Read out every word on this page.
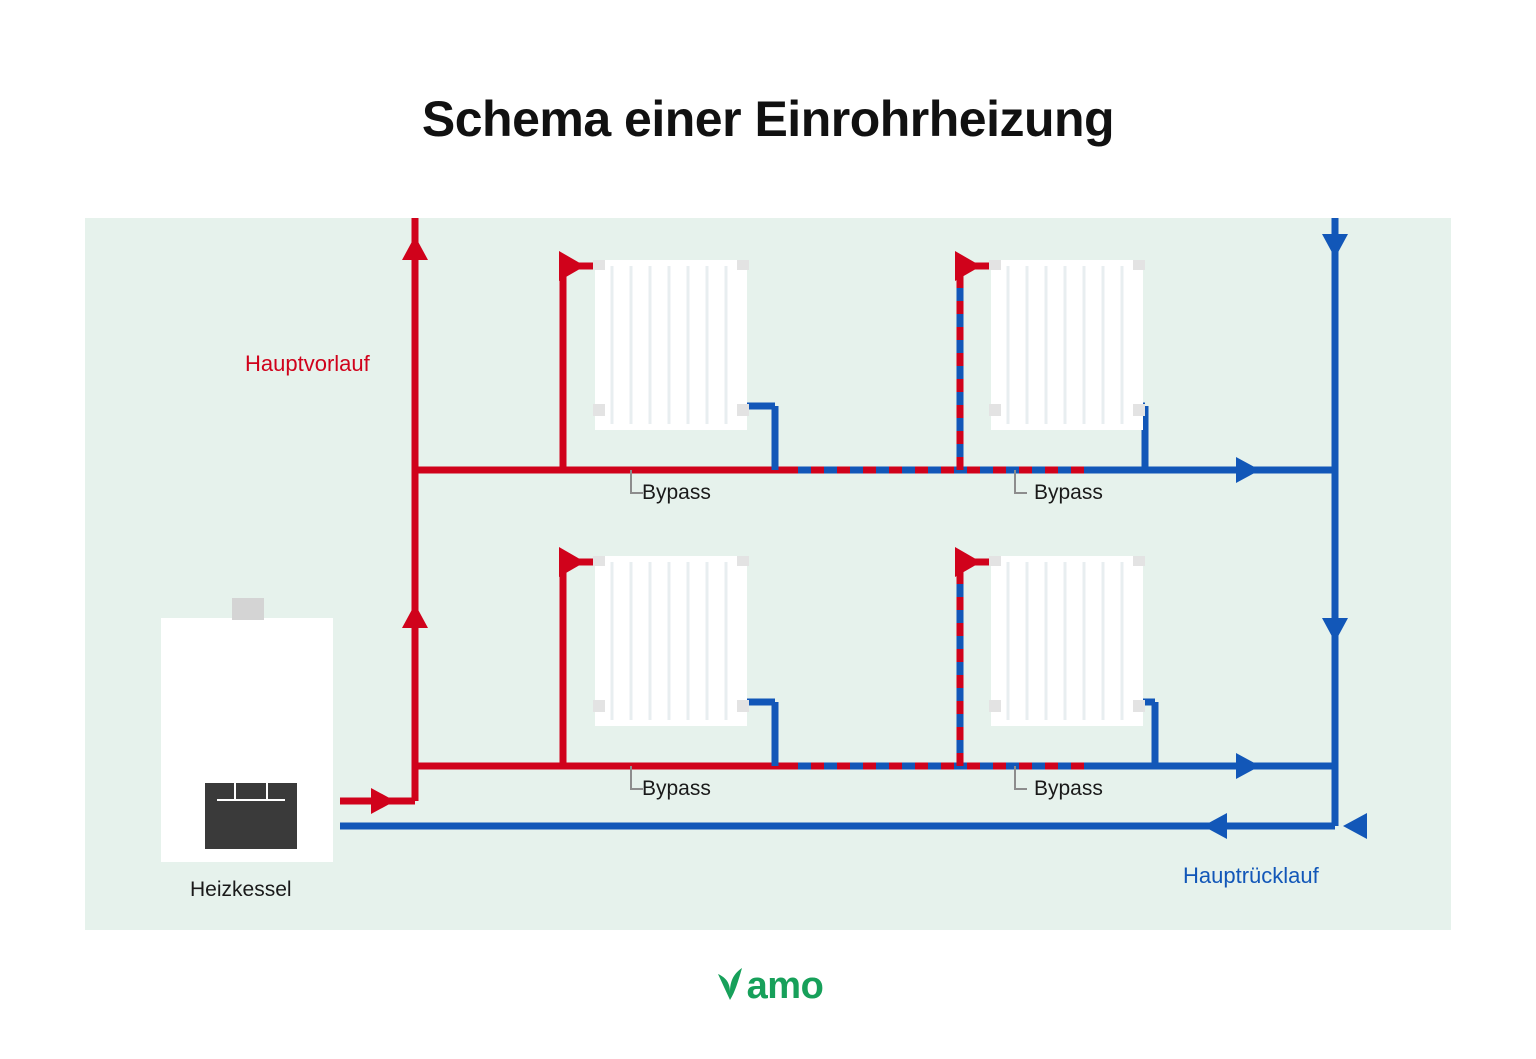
Schema einer Einrohrheizung
Hauptvorlauf
Hauptrücklauf
Heizkessel
Bypass	Bypass
Bypass	Bypass
amo
